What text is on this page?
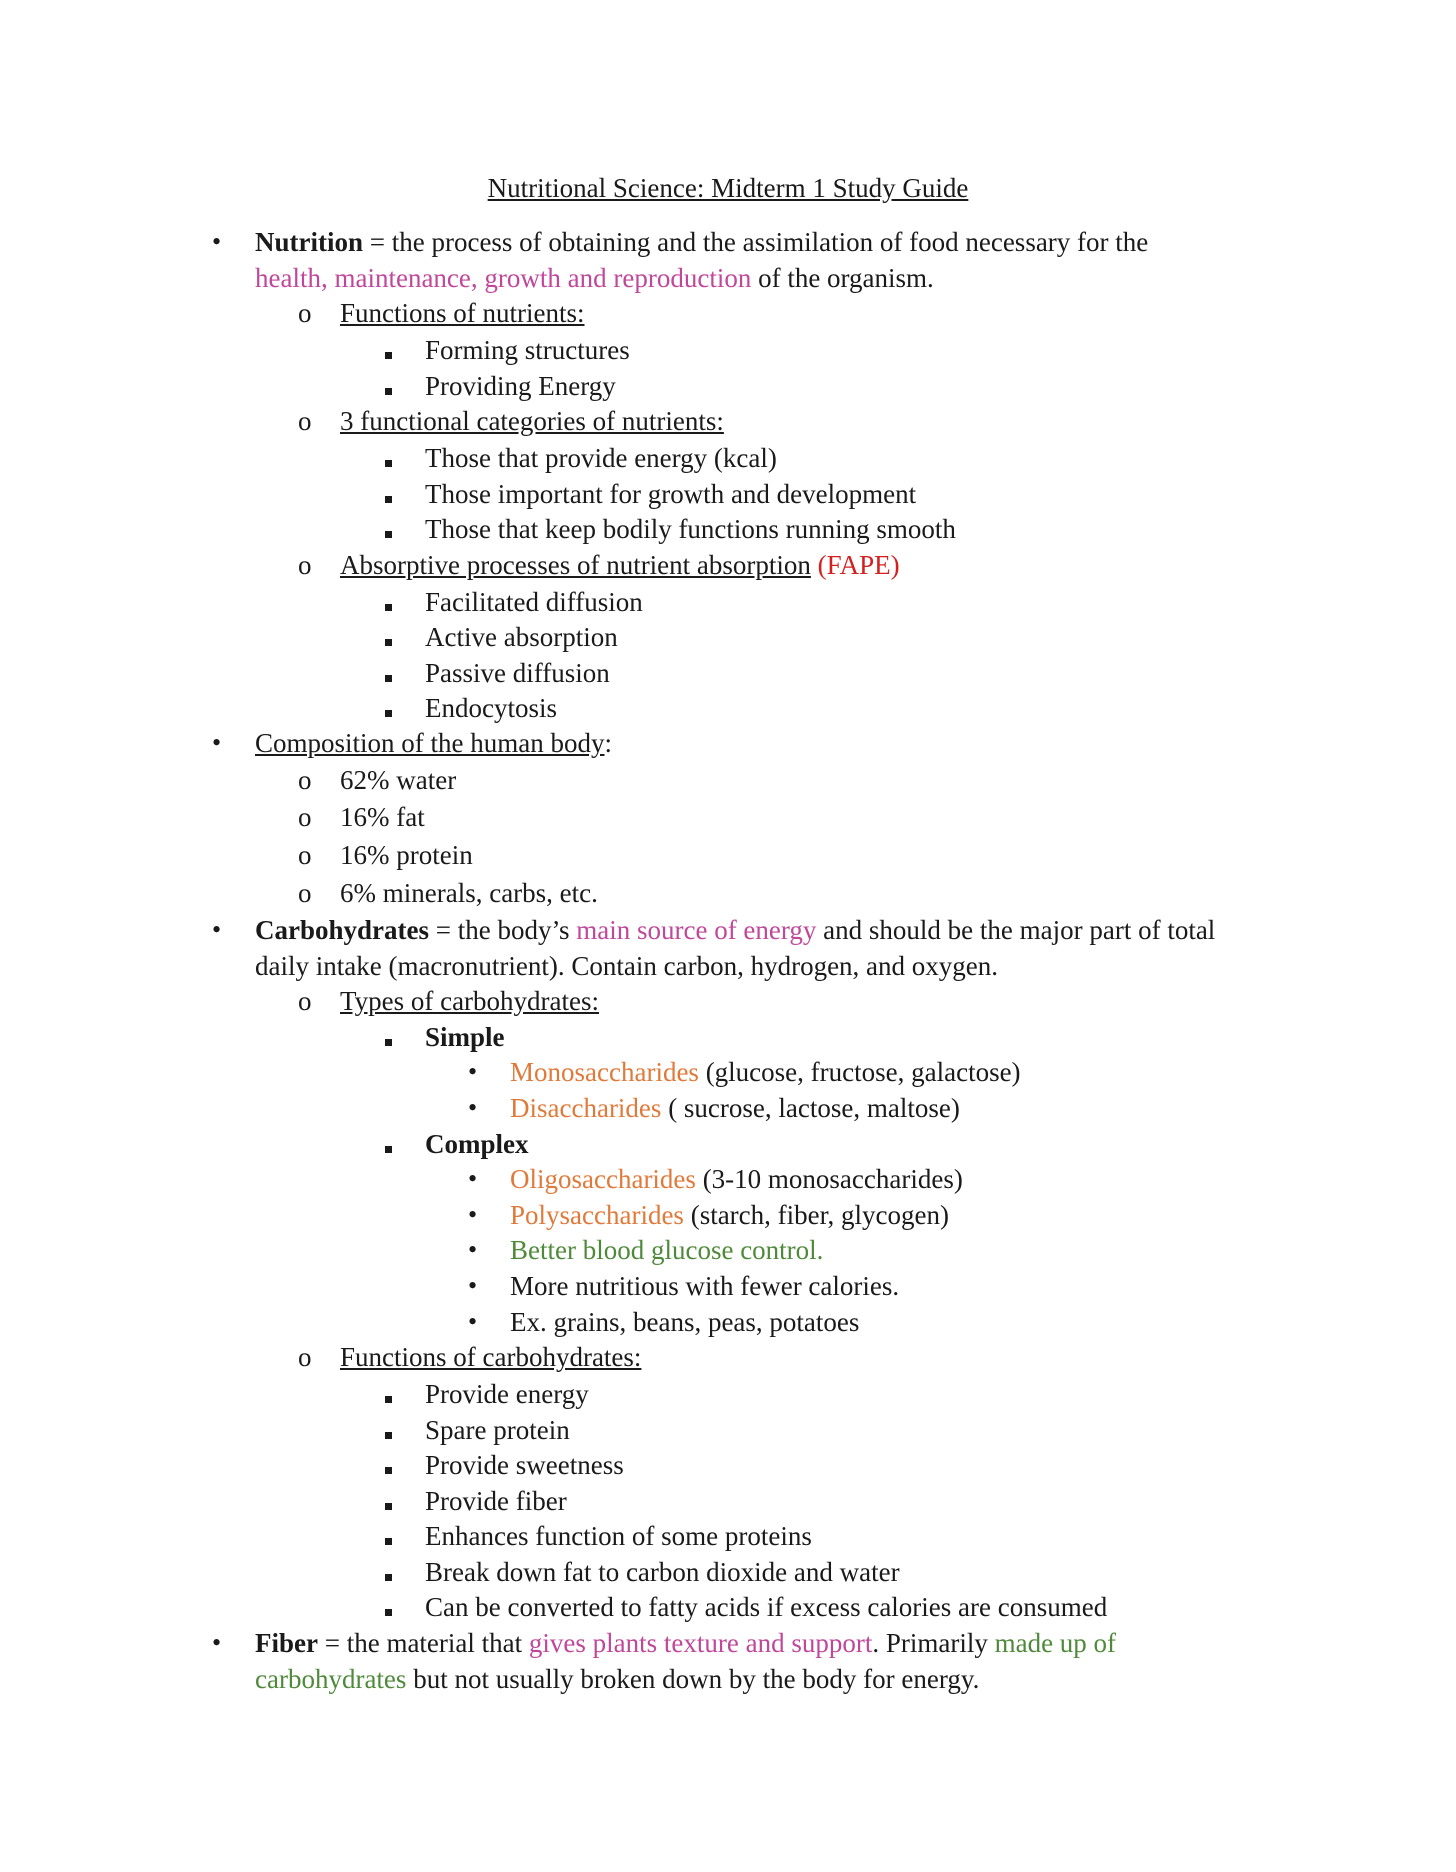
Nutritional Science: Midterm 1 Study Guide
• Nutrition = the process of obtaining and the assimilation of food necessary for the
health, maintenance, growth and reproduction of the organism.
o Functions of nutrients:
Forming structures
Providing Energy
o 3 functional categories of nutrients:
Those that provide energy (kcal)
Those important for growth and development
Those that keep bodily functions running smooth
o Absorptive processes of nutrient absorption (FAPE)
Facilitated diffusion
Active absorption
Passive diffusion
Endocytosis
• Composition of the human body:
o 62% water
o 16% fat
o 16% protein
o 6% minerals, carbs, etc.
• Carbohydrates = the body’s main source of energy and should be the major part of total
daily intake (macronutrient). Contain carbon, hydrogen, and oxygen.
o Types of carbohydrates:
Simple
• Monosaccharides (glucose, fructose, galactose)
• Disaccharides ( sucrose, lactose, maltose)
Complex
• Oligosaccharides (3-10 monosaccharides)
• Polysaccharides (starch, fiber, glycogen)
• Better blood glucose control.
• More nutritious with fewer calories.
• Ex. grains, beans, peas, potatoes
o Functions of carbohydrates:
Provide energy
Spare protein
Provide sweetness
Provide fiber
Enhances function of some proteins
Break down fat to carbon dioxide and water
Can be converted to fatty acids if excess calories are consumed
• Fiber = the material that gives plants texture and support. Primarily made up of
carbohydrates but not usually broken down by the body for energy.
